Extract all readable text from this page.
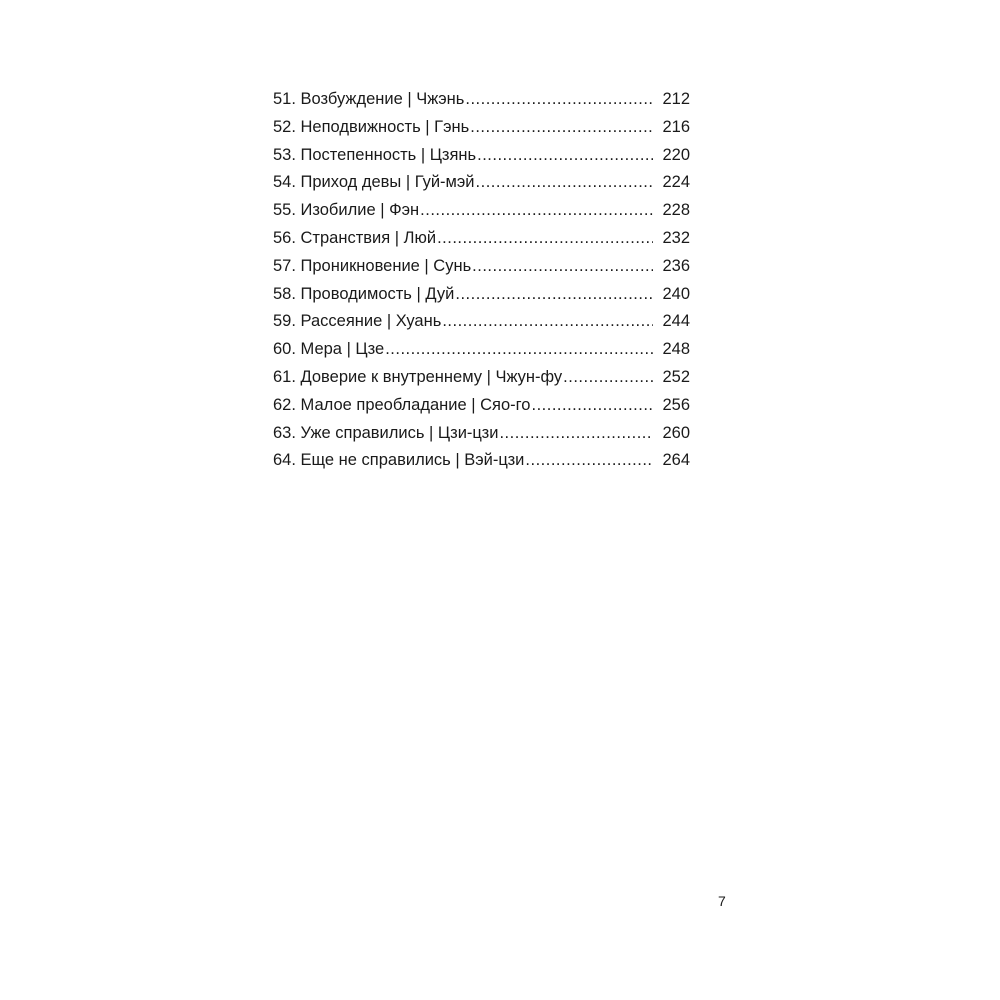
51. Возбуждение | Чжэнь .....	212
52. Неподвижность | Гэнь .....	216
53. Постепенность | Цзянь .....	220
54. Приход девы | Гуй-мэй .....	224
55. Изобилие | Фэн .....	228
56. Странствия | Люй .....	232
57. Проникновение | Сунь .....	236
58. Проводимость | Дуй .....	240
59. Рассеяние | Хуань .....	244
60. Мера | Цзе .....	248
61. Доверие к внутреннему | Чжун-фу .....	252
62. Малое преобладание | Сяо-го .....	256
63. Уже справились | Цзи-цзи .....	260
64. Еще не справились | Вэй-цзи .....	264
7
